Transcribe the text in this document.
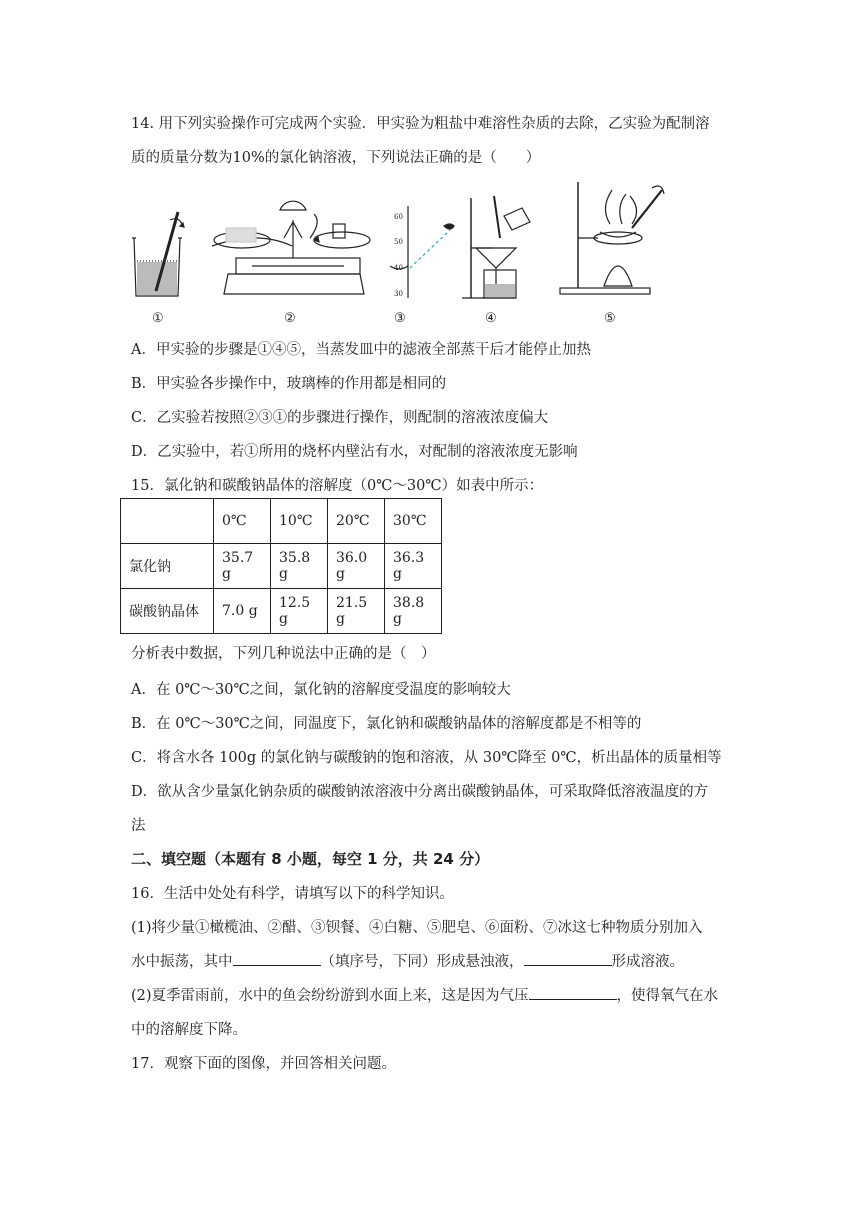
14. 用下列实验操作可完成两个实验．甲实验为粗盐中难溶性杂质的去除，乙实验为配制溶
质的质量分数为10%的氯化钠溶液，下列说法正确的是（　　）
60
50
40
30
①	②	③	④	⑤
A．甲实验的步骤是①④⑤，当蒸发皿中的滤液全部蒸干后才能停止加热
B．甲实验各步操作中，玻璃棒的作用都是相同的
C．乙实验若按照②③①的步骤进行操作，则配制的溶液浓度偏大
D．乙实验中，若①所用的烧杯内壁沾有水，对配制的溶液浓度无影响
15．氯化钠和碳酸钠晶体的溶解度（0℃～30℃）如表中所示：
	0℃	10℃	20℃	30℃
氯化钠	35.7 g	35.8 g	36.0 g	36.3 g
碳酸钠晶体	7.0 g	12.5 g	21.5 g	38.8 g
分析表中数据，下列几种说法中正确的是（　）
A．在 0℃～30℃之间，氯化钠的溶解度受温度的影响较大
B．在 0℃～30℃之间，同温度下，氯化钠和碳酸钠晶体的溶解度都是不相等的
C．将含水各 100g 的氯化钠与碳酸钠的饱和溶液，从 30℃降至 0℃，析出晶体的质量相等
D．欲从含少量氯化钠杂质的碳酸钠浓溶液中分离出碳酸钠晶体，可采取降低溶液温度的方
法
二、填空题（本题有 8 小题，每空 1 分，共 24 分）
16．生活中处处有科学，请填写以下的科学知识。
(1)将少量①橄榄油、②醋、③钡餐、④白糖、⑤肥皂、⑥面粉、⑦冰这七种物质分别加入
水中振荡，其中	（填序号，下同）形成悬浊液，	形成溶液。
(2)夏季雷雨前，水中的鱼会纷纷游到水面上来，这是因为气压	，使得氧气在水
中的溶解度下降。
17．观察下面的图像，并回答相关问题。
